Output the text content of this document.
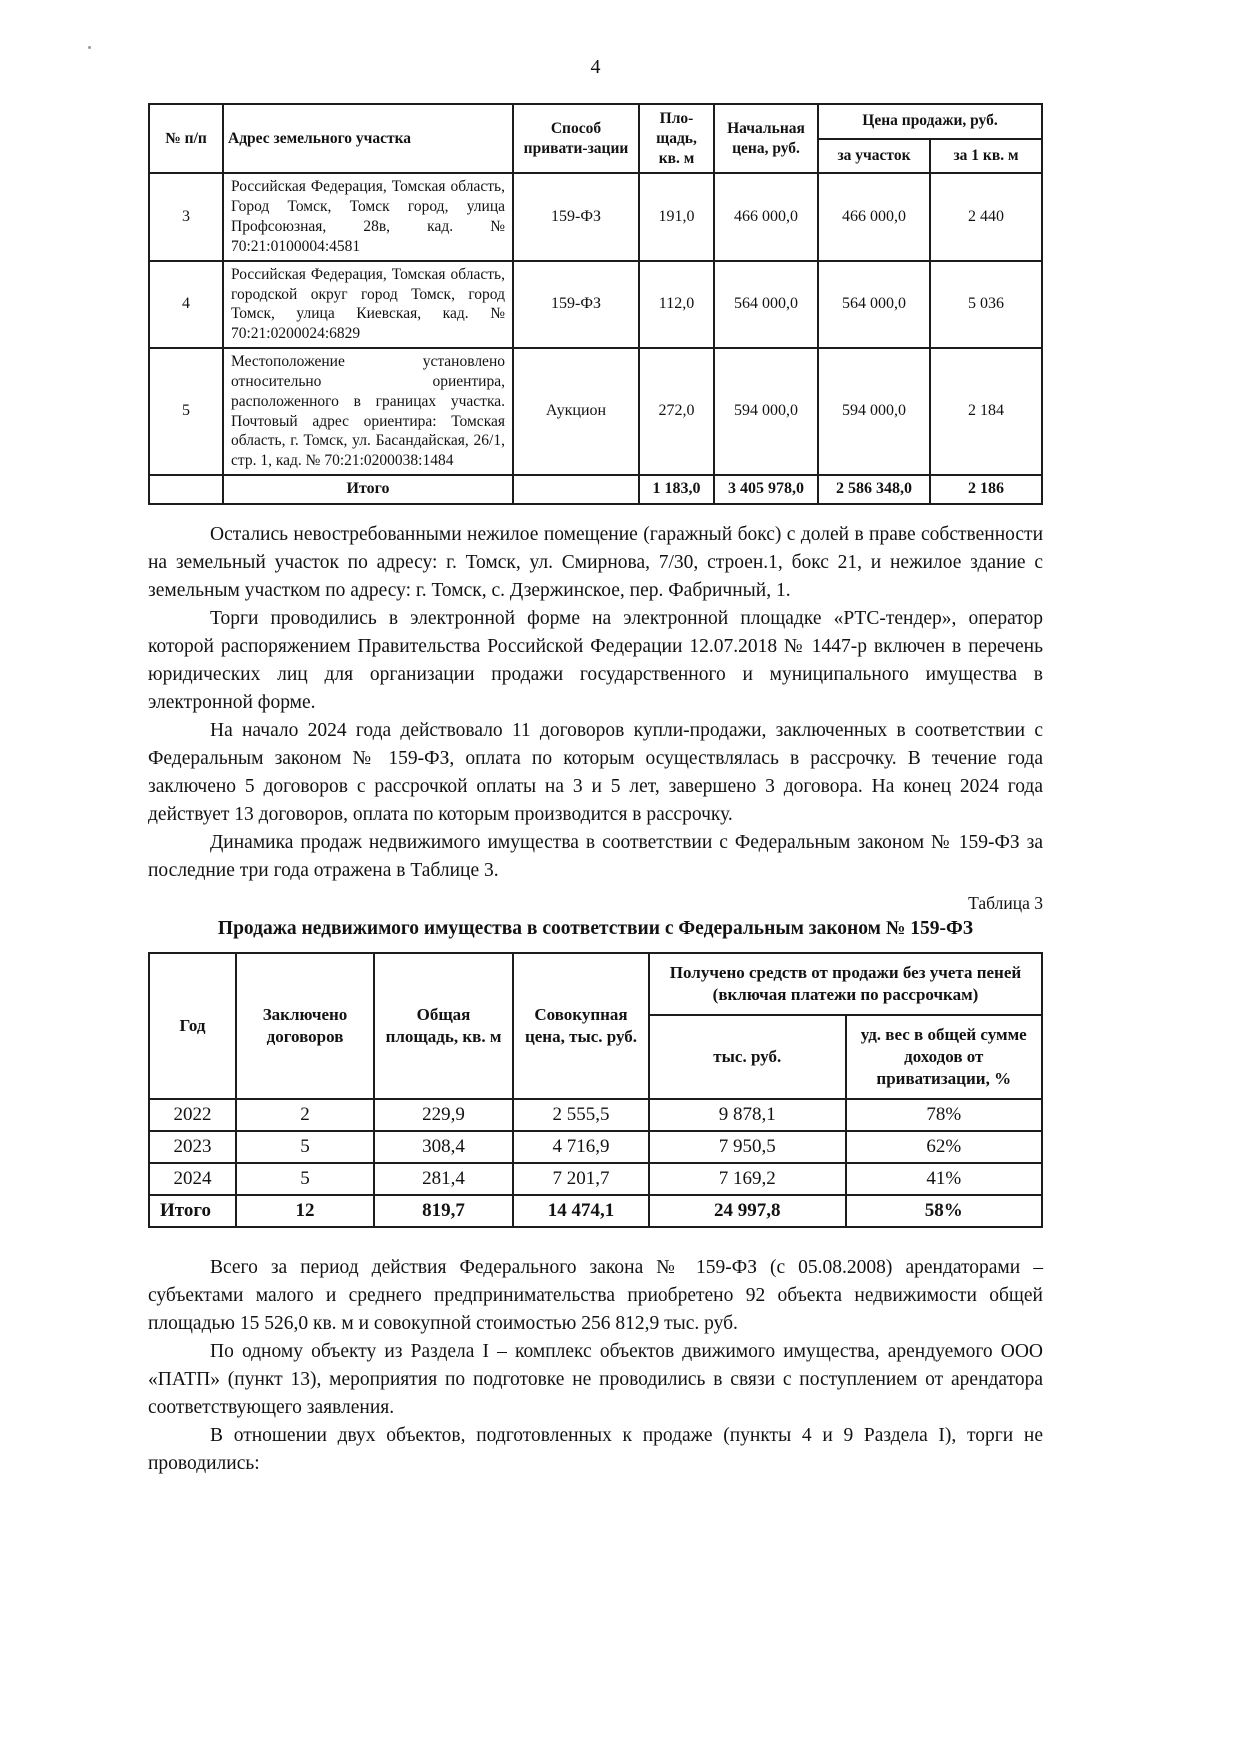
4
№ п/п	Адрес земельного участка	Способ привати-зации	Пло-щадь, кв. м	Начальная цена, руб.	Цена продажи, руб.	
					за участок	за 1 кв. м
3	Российская Федерация, Томская область, Город Томск, Томск город, улица Профсоюзная, 28в, кад. № 70:21:0100004:4581	159-ФЗ	191,0	466 000,0	466 000,0	2 440
4	Российская Федерация, Томская область, городской округ город Томск, город Томск, улица Киевская, кад. № 70:21:0200024:6829	159-ФЗ	112,0	564 000,0	564 000,0	5 036
5	Местоположение установлено относительно ориентира, расположенного в границах участка. Почтовый адрес ориентира: Томская область, г. Томск, ул. Басандайская, 26/1, стр. 1, кад. № 70:21:0200038:1484	Аукцион	272,0	594 000,0	594 000,0	2 184
	Итого		1 183,0	3 405 978,0	2 586 348,0	2 186

Остались невостребованными нежилое помещение (гаражный бокс) с долей в праве собственности на земельный участок по адресу: г. Томск, ул. Смирнова, 7/30, строен.1, бокс 21, и нежилое здание с земельным участком по адресу: г. Томск, с. Дзержинское, пер. Фабричный, 1.

Торги проводились в электронной форме на электронной площадке «РТС-тендер», оператор которой распоряжением Правительства Российской Федерации 12.07.2018 № 1447-р включен в перечень юридических лиц для организации продажи государственного и муниципального имущества в электронной форме.

На начало 2024 года действовало 11 договоров купли-продажи, заключенных в соответствии с Федеральным законом № 159-ФЗ, оплата по которым осуществлялась в рассрочку. В течение года заключено 5 договоров с рассрочкой оплаты на 3 и 5 лет, завершено 3 договора. На конец 2024 года действует 13 договоров, оплата по которым производится в рассрочку.

Динамика продаж недвижимого имущества в соответствии с Федеральным законом № 159-ФЗ за последние три года отражена в Таблице 3.

Таблица 3
Продажа недвижимого имущества в соответствии с Федеральным законом № 159-ФЗ
Год	Заключено договоров	Общая площадь, кв. м	Совокупная цена, тыс. руб.	Получено средств от продажи без учета пеней (включая платежи по рассрочкам)	
				тыс. руб.	уд. вес в общей сумме доходов от приватизации, %
2022	2	229,9	2 555,5	9 878,1	78%
2023	5	308,4	4 716,9	7 950,5	62%
2024	5	281,4	7 201,7	7 169,2	41%
Итого	12	819,7	14 474,1	24 997,8	58%

Всего за период действия Федерального закона № 159-ФЗ (с 05.08.2008) арендаторами – субъектами малого и среднего предпринимательства приобретено 92 объекта недвижимости общей площадью 15 526,0 кв. м и совокупной стоимостью 256 812,9 тыс. руб.

По одному объекту из Раздела I – комплекс объектов движимого имущества, арендуемого ООО «ПАТП» (пункт 13), мероприятия по подготовке не проводились в связи с поступлением от арендатора соответствующего заявления.

В отношении двух объектов, подготовленных к продаже (пункты 4 и 9 Раздела I), торги не проводились:
